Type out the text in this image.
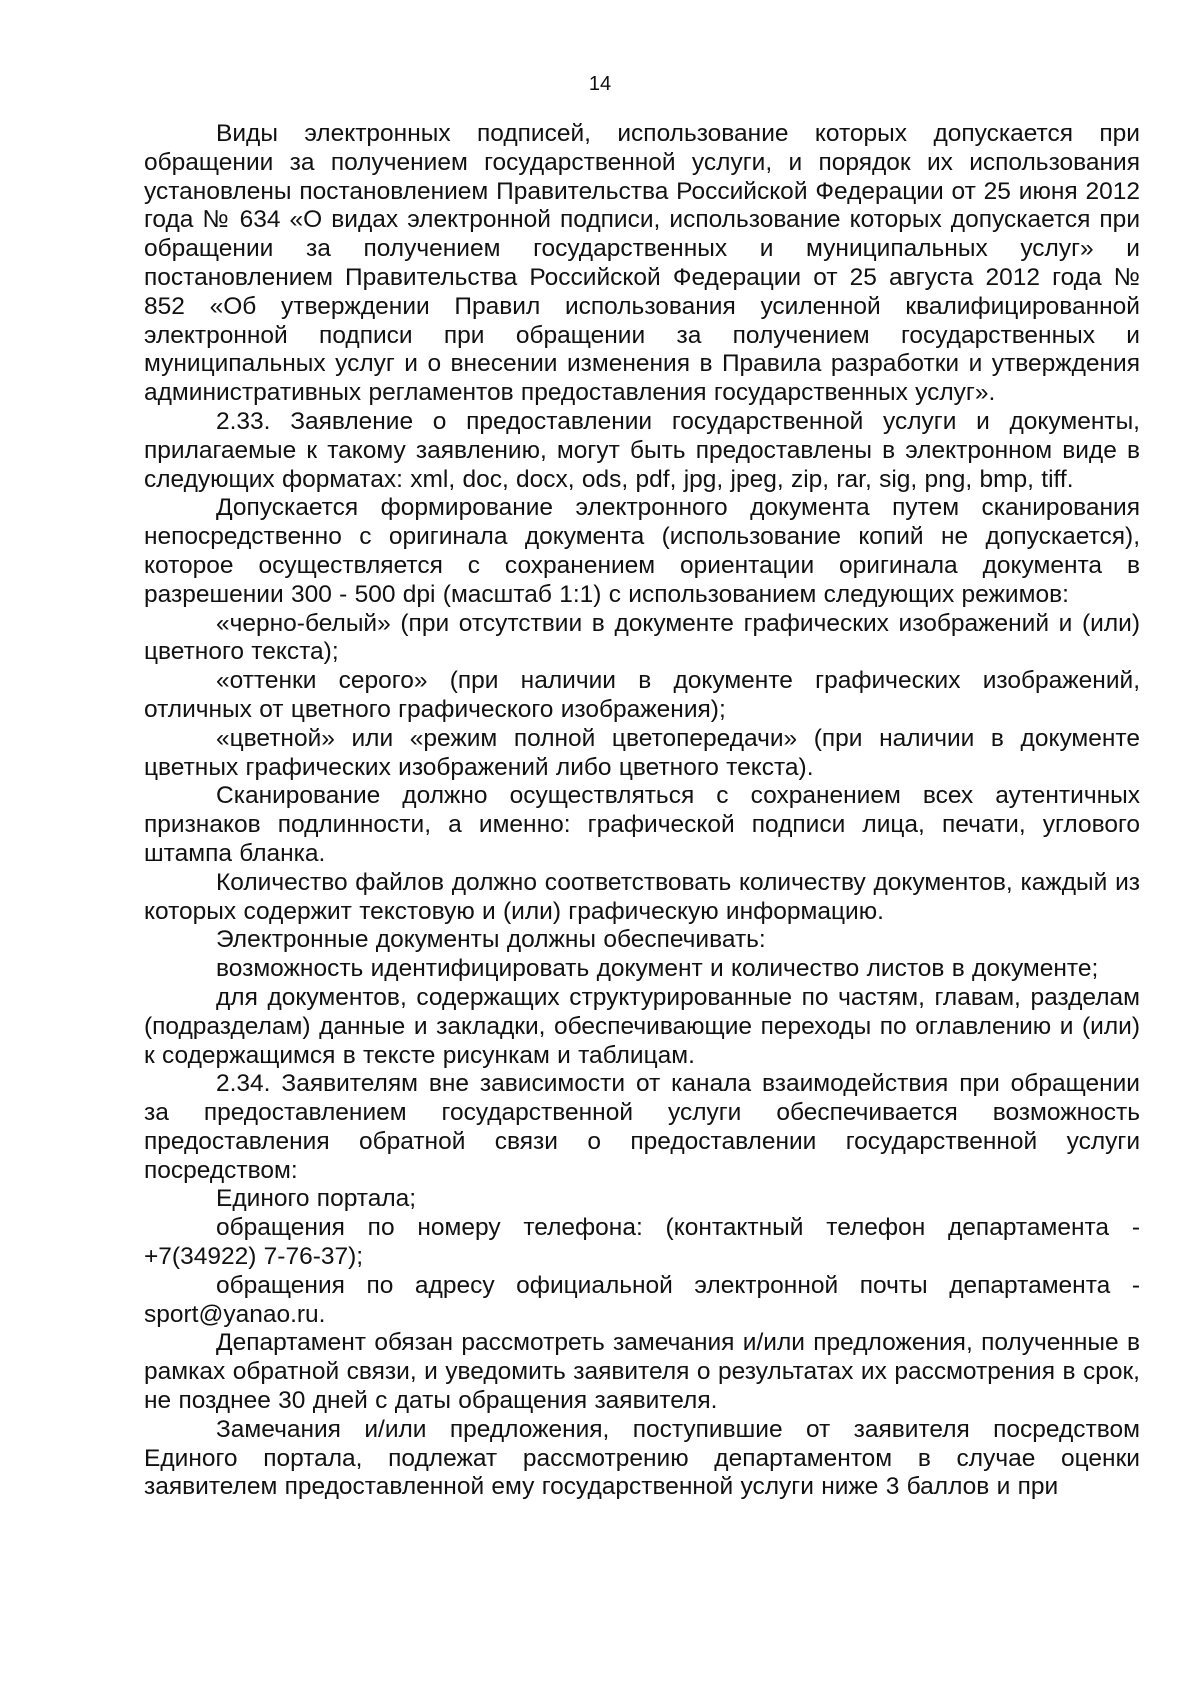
14

Виды электронных подписей, использование которых допускается при обращении за получением государственной услуги, и порядок их использования установлены постановлением Правительства Российской Федерации от 25 июня 2012 года № 634 «О видах электронной подписи, использование которых допускается при обращении за получением государственных и муниципальных услуг» и постановлением Правительства Российской Федерации от 25 августа 2012 года № 852 «Об утверждении Правил использования усиленной квалифицированной электронной подписи при обращении за получением государственных и муниципальных услуг и о внесении изменения в Правила разработки и утверждения административных регламентов предоставления государственных услуг».

2.33. Заявление о предоставлении государственной услуги и документы, прилагаемые к такому заявлению, могут быть предоставлены в электронном виде в следующих форматах: xml, doc, docx, ods, pdf, jpg, jpeg, zip, rar, sig, png, bmp, tiff.

Допускается формирование электронного документа путем сканирования непосредственно с оригинала документа (использование копий не допускается), которое осуществляется с сохранением ориентации оригинала документа в разрешении 300 - 500 dpi (масштаб 1:1) с использованием следующих режимов:

«черно-белый» (при отсутствии в документе графических изображений и (или) цветного текста);

«оттенки серого» (при наличии в документе графических изображений, отличных от цветного графического изображения);

«цветной» или «режим полной цветопередачи» (при наличии в документе цветных графических изображений либо цветного текста).

Сканирование должно осуществляться с сохранением всех аутентичных признаков подлинности, а именно: графической подписи лица, печати, углового штампа бланка.

Количество файлов должно соответствовать количеству документов, каждый из которых содержит текстовую и (или) графическую информацию.

Электронные документы должны обеспечивать:

возможность идентифицировать документ и количество листов в документе;

для документов, содержащих структурированные по частям, главам, разделам (подразделам) данные и закладки, обеспечивающие переходы по оглавлению и (или) к содержащимся в тексте рисункам и таблицам.

2.34. Заявителям вне зависимости от канала взаимодействия при обращении за предоставлением государственной услуги обеспечивается возможность предоставления обратной связи о предоставлении государственной услуги посредством:

Единого портала;

обращения по номеру телефона: (контактный телефон департамента - +7(34922) 7-76-37);

обращения по адресу официальной электронной почты департамента - sport@yanao.ru.

Департамент обязан рассмотреть замечания и/или предложения, полученные в рамках обратной связи, и уведомить заявителя о результатах их рассмотрения в срок, не позднее 30 дней с даты обращения заявителя.

Замечания и/или предложения, поступившие от заявителя посредством Единого портала, подлежат рассмотрению департаментом в случае оценки заявителем предоставленной ему государственной услуги ниже 3 баллов и при
